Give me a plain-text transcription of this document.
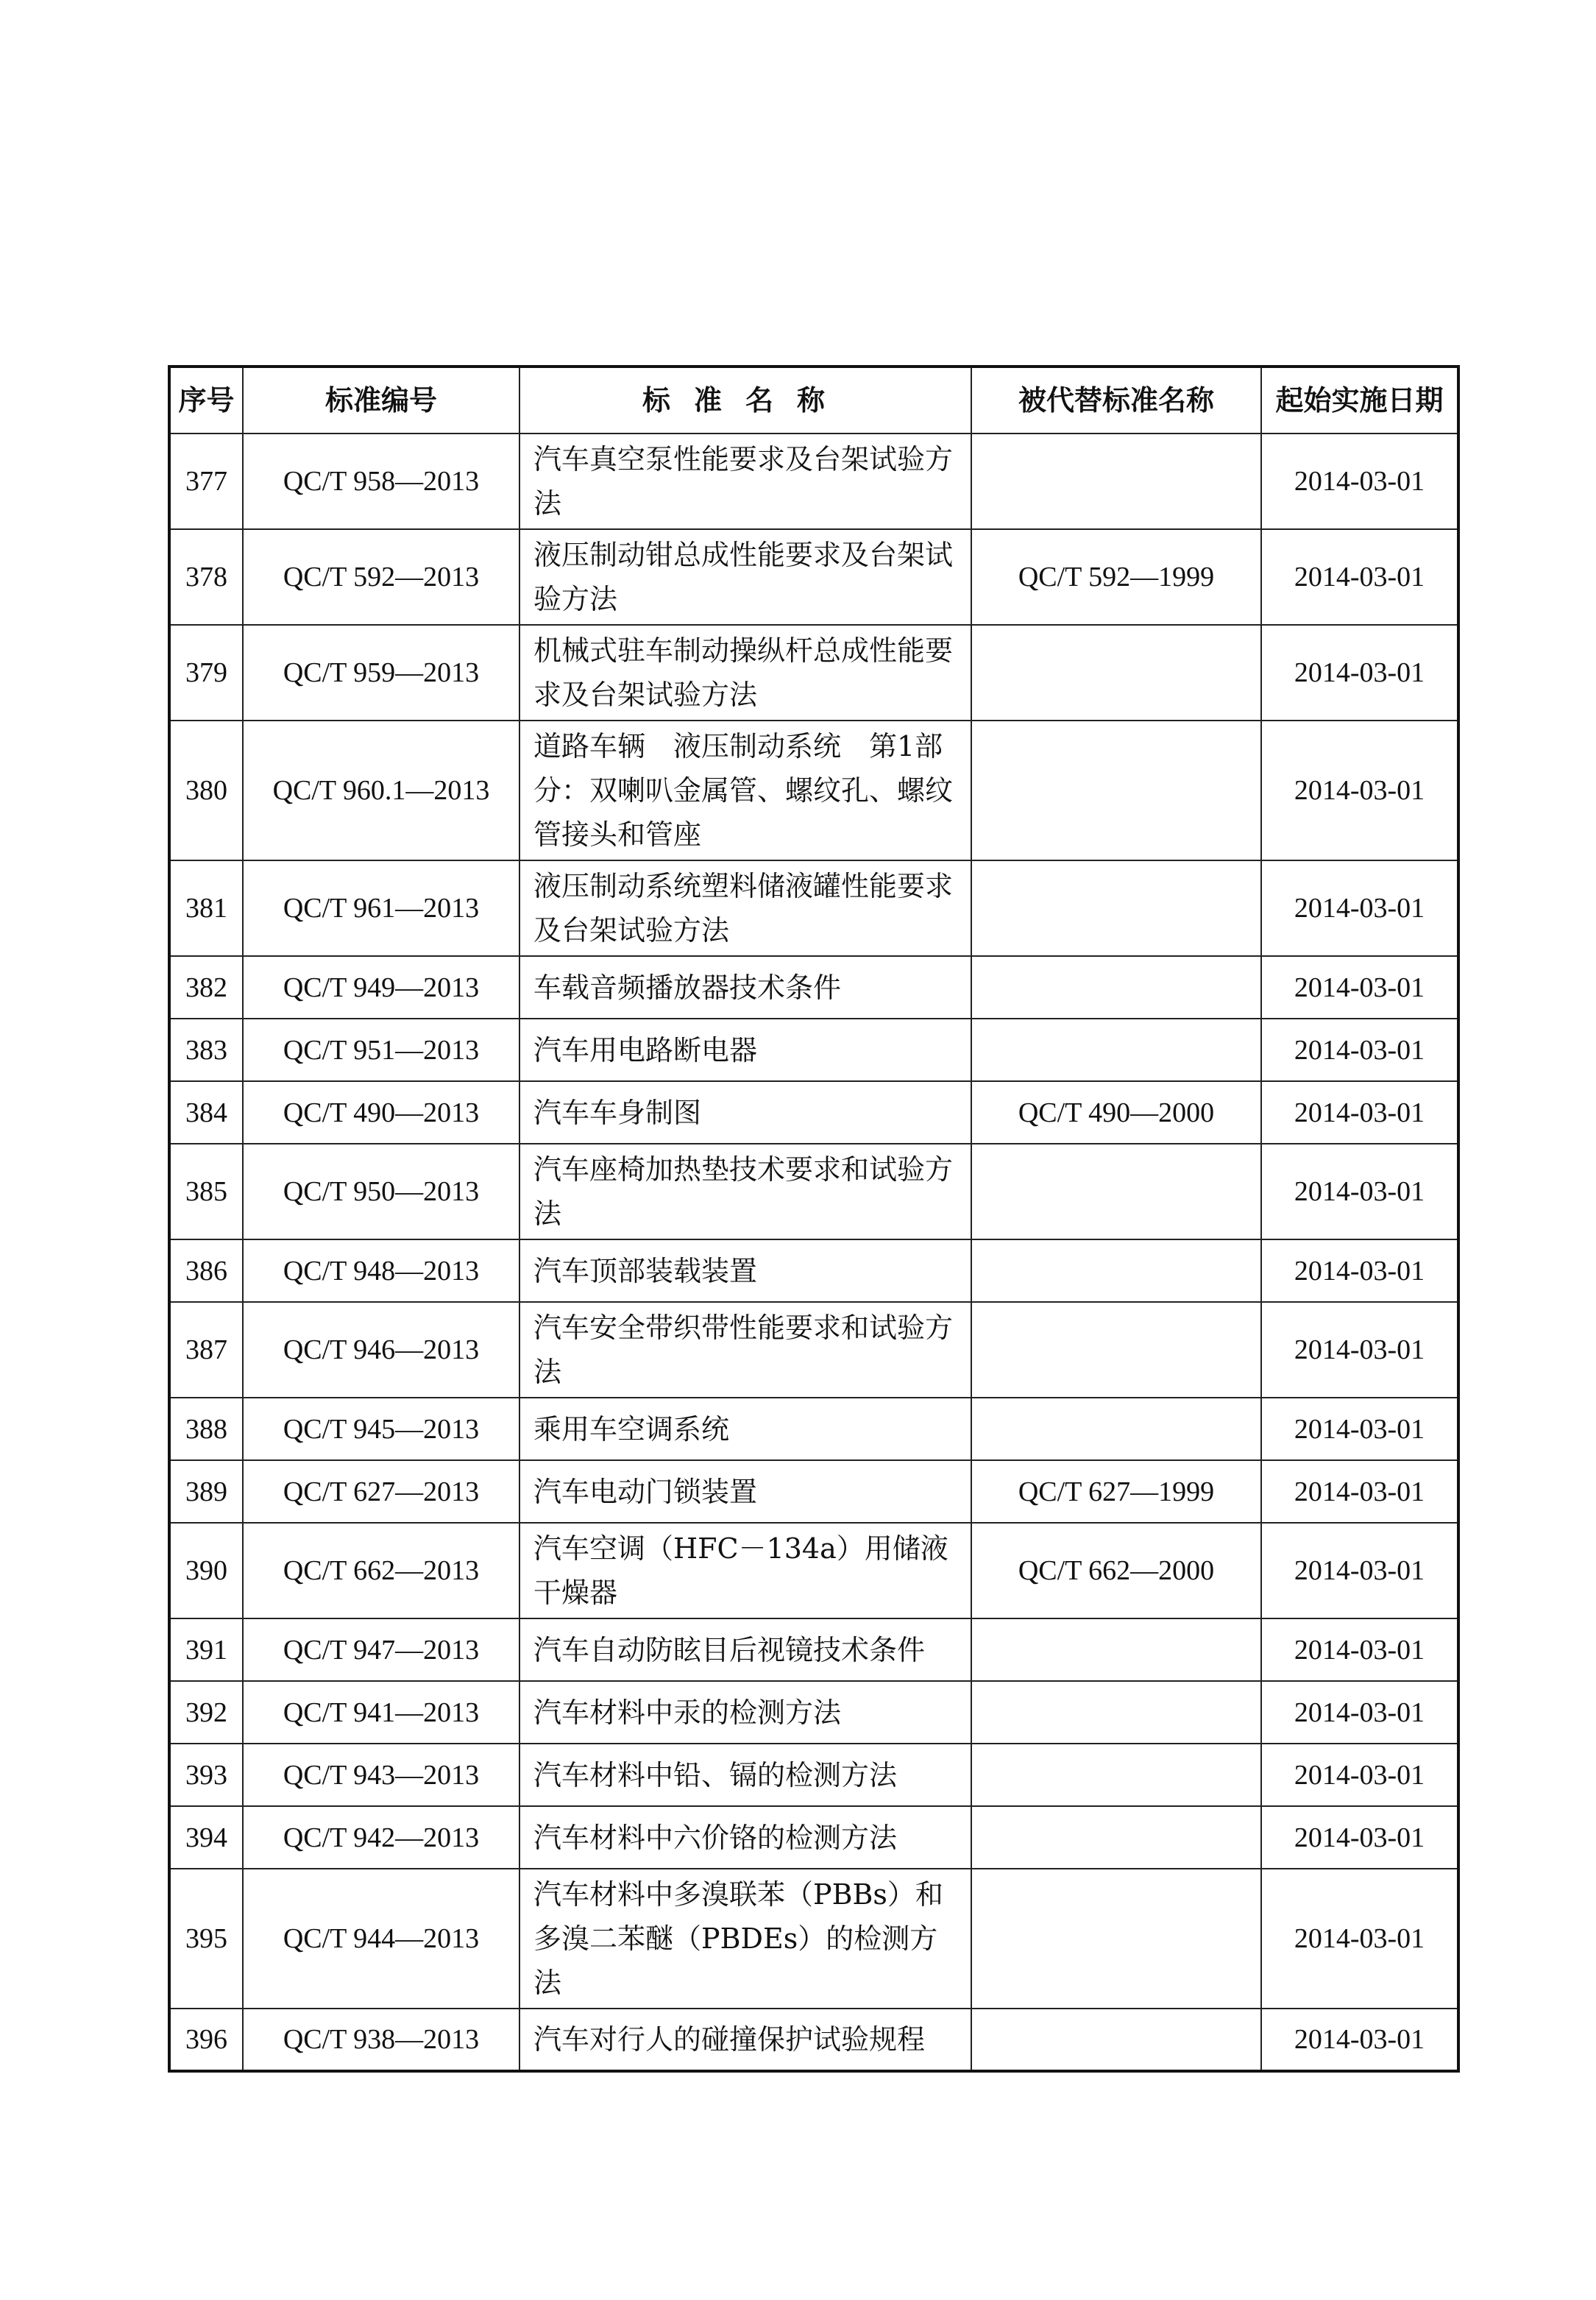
序号	标准编号	标准名称	被代替标准名称	起始实施日期
377	QC/T 958—2013	汽车真空泵性能要求及台架试验方法		2014-03-01
378	QC/T 592—2013	液压制动钳总成性能要求及台架试验方法	QC/T 592—1999	2014-03-01
379	QC/T 959—2013	机械式驻车制动操纵杆总成性能要求及台架试验方法		2014-03-01
380	QC/T 960.1—2013	道路车辆　液压制动系统　第1部分：双喇叭金属管、螺纹孔、螺纹管接头和管座		2014-03-01
381	QC/T 961—2013	液压制动系统塑料储液罐性能要求及台架试验方法		2014-03-01
382	QC/T 949—2013	车载音频播放器技术条件		2014-03-01
383	QC/T 951—2013	汽车用电路断电器		2014-03-01
384	QC/T 490—2013	汽车车身制图	QC/T 490—2000	2014-03-01
385	QC/T 950—2013	汽车座椅加热垫技术要求和试验方法		2014-03-01
386	QC/T 948—2013	汽车顶部装载装置		2014-03-01
387	QC/T 946—2013	汽车安全带织带性能要求和试验方法		2014-03-01
388	QC/T 945—2013	乘用车空调系统		2014-03-01
389	QC/T 627—2013	汽车电动门锁装置	QC/T 627—1999	2014-03-01
390	QC/T 662—2013	汽车空调（HFC－134a）用储液干燥器	QC/T 662—2000	2014-03-01
391	QC/T 947—2013	汽车自动防眩目后视镜技术条件		2014-03-01
392	QC/T 941—2013	汽车材料中汞的检测方法		2014-03-01
393	QC/T 943—2013	汽车材料中铅、镉的检测方法		2014-03-01
394	QC/T 942—2013	汽车材料中六价铬的检测方法		2014-03-01
395	QC/T 944—2013	汽车材料中多溴联苯（PBBs）和多溴二苯醚（PBDEs）的检测方法		2014-03-01
396	QC/T 938—2013	汽车对行人的碰撞保护试验规程		2014-03-01
